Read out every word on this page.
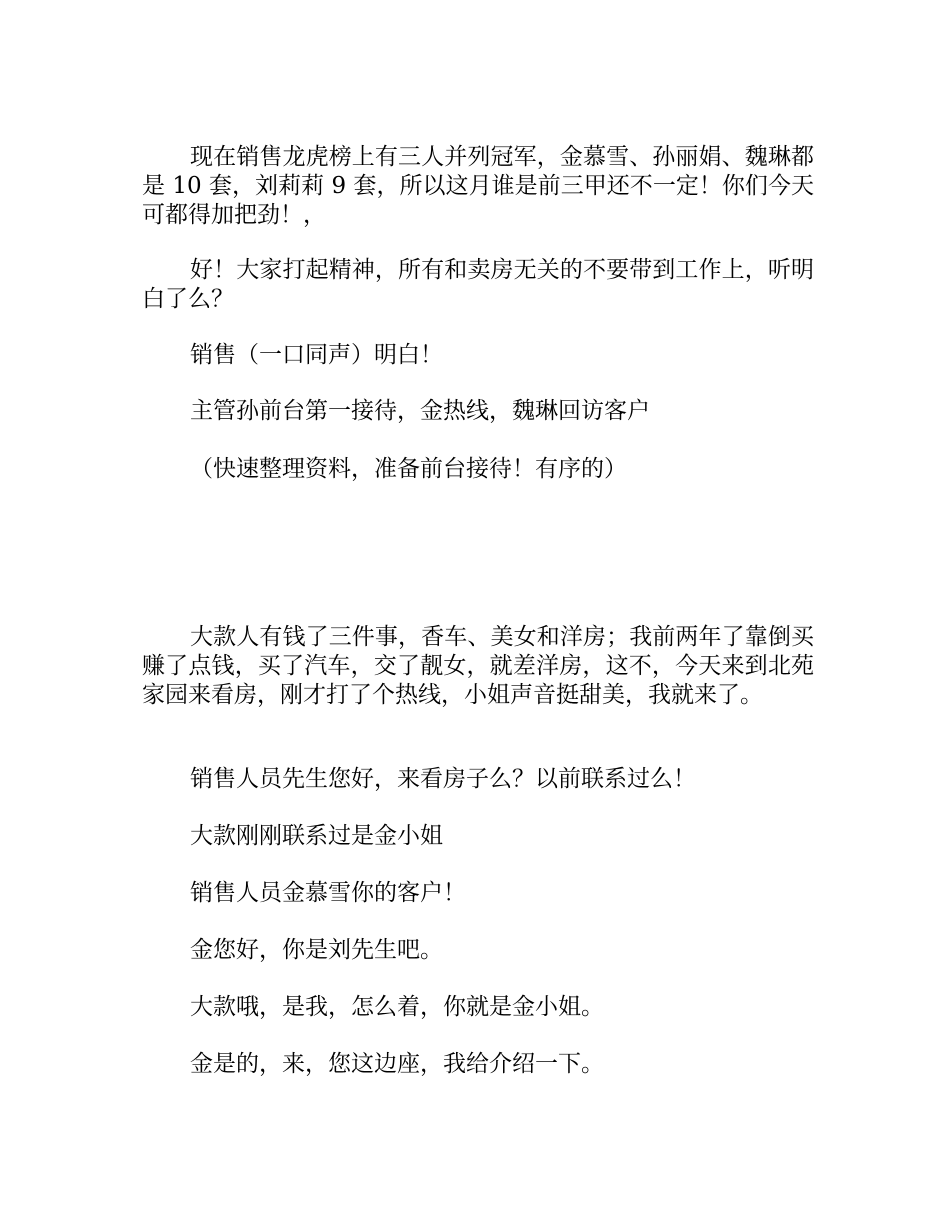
现在销售龙虎榜上有三人并列冠军，金慕雪、孙丽娟、魏琳都是 10 套，刘莉莉 9 套，所以这月谁是前三甲还不一定！你们今天可都得加把劲！，

好！大家打起精神，所有和卖房无关的不要带到工作上，听明白了么？

销售（一口同声）明白！

主管孙前台第一接待，金热线，魏琳回访客户

（快速整理资料，准备前台接待！有序的）

大款人有钱了三件事，香车、美女和洋房；我前两年了靠倒买赚了点钱，买了汽车，交了靓女，就差洋房，这不，今天来到北苑家园来看房，刚才打了个热线，小姐声音挺甜美，我就来了。

销售人员先生您好，来看房子么？以前联系过么！

大款刚刚联系过是金小姐

销售人员金慕雪你的客户！

金您好，你是刘先生吧。

大款哦，是我，怎么着，你就是金小姐。

金是的，来，您这边座，我给介绍一下。
